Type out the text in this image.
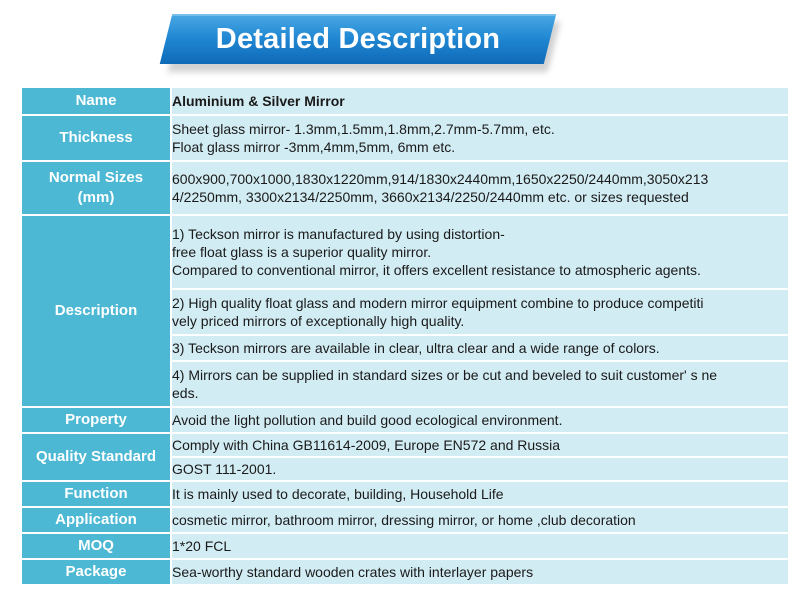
Detailed Description
Name	Aluminium & Silver Mirror
Thickness	Sheet glass mirror- 1.3mm,1.5mm,1.8mm,2.7mm-5.7mm, etc.
Float glass mirror -3mm,4mm,5mm, 6mm etc.

Normal Sizes
(mm)	600x900,700x1000,1830x1220mm,914/1830x2440mm,1650x2250/2440mm,3050x213
4/2250mm, 3300x2134/2250mm, 3660x2134/2250/2440mm etc. or sizes requested

Description	1) Teckson mirror is manufactured by using distortion-
free float glass is a superior quality mirror.
Compared to conventional mirror, it offers excellent resistance to atmospheric agents.

	2) High quality float glass and modern mirror equipment combine to produce competiti
vely priced mirrors of exceptionally high quality.

	3) Teckson mirrors are available in clear, ultra clear and a wide range of colors.

	4) Mirrors can be supplied in standard sizes or be cut and beveled to suit customer' s ne
eds.

Property	Avoid the light pollution and build good ecological environment.
Quality Standard	Comply with China GB11614-2009, Europe EN572 and Russia
	GOST 111-2001.
Function	It is mainly used to decorate, building, Household Life
Application	cosmetic mirror, bathroom mirror, dressing mirror, or home ,club decoration
MOQ	1*20 FCL
Package	Sea-worthy standard wooden crates with interlayer papers
